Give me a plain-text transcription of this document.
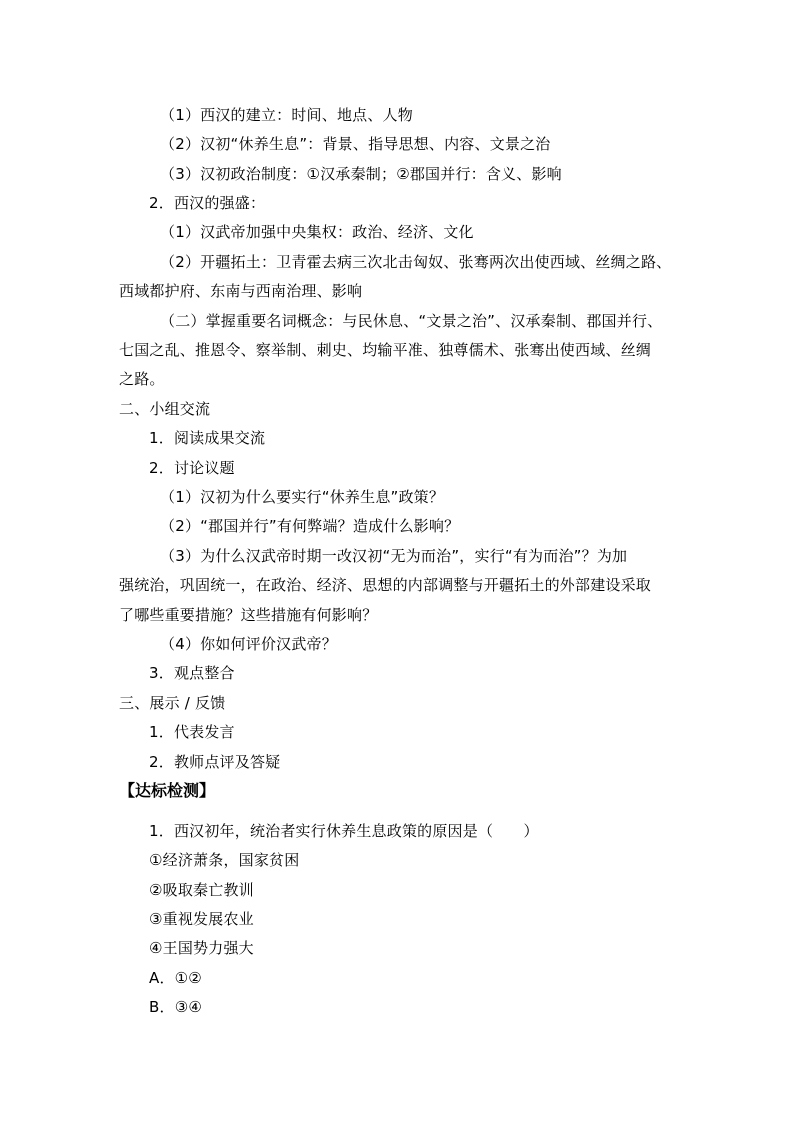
（1）西汉的建立：时间、地点、人物
（2）汉初“休养生息”：背景、指导思想、内容、文景之治
（3）汉初政治制度：①汉承秦制；②郡国并行：含义、影响
2．西汉的强盛：
（1）汉武帝加强中央集权：政治、经济、文化
（2）开疆拓土：卫青霍去病三次北击匈奴、张骞两次出使西域、丝绸之路、
西域都护府、东南与西南治理、影响
（二）掌握重要名词概念：与民休息、“文景之治”、汉承秦制、郡国并行、
七国之乱、推恩令、察举制、刺史、均输平准、独尊儒术、张骞出使西域、丝绸
之路。
二、小组交流
1．阅读成果交流
2．讨论议题
（1）汉初为什么要实行“休养生息”政策？
（2）“郡国并行”有何弊端？造成什么影响？
（3）为什么汉武帝时期一改汉初“无为而治”，实行“有为而治”？为加
强统治，巩固统一，在政治、经济、思想的内部调整与开疆拓土的外部建设采取
了哪些重要措施？这些措施有何影响？
（4）你如何评价汉武帝？
3．观点整合
三、展示 / 反馈
1．代表发言
2．教师点评及答疑
【达标检测】
1．西汉初年，统治者实行休养生息政策的原因是（　　）
①经济萧条，国家贫困
②吸取秦亡教训
③重视发展农业
④王国势力强大
A．①②
B．③④
